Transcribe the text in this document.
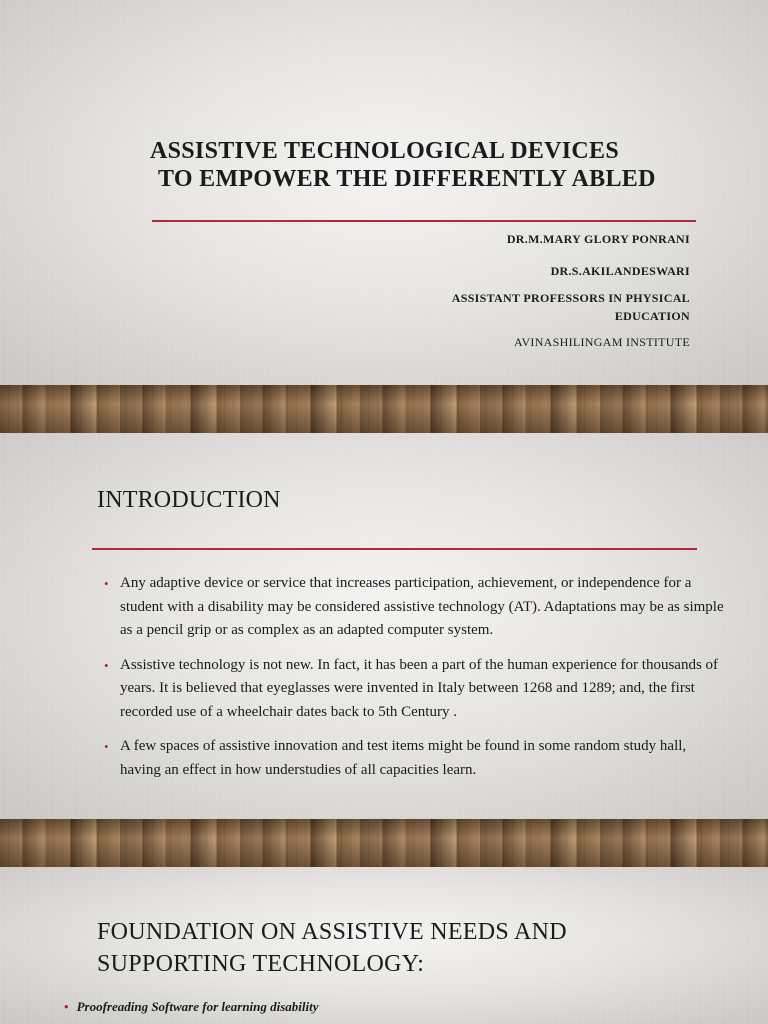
ASSISTIVE TECHNOLOGICAL DEVICES
TO EMPOWER THE DIFFERENTLY ABLED
DR.M.MARY GLORY PONRANI
DR.S.AKILANDESWARI
ASSISTANT PROFESSORS IN PHYSICAL
EDUCATION
AVINASHILINGAM INSTITUTE
INTRODUCTION
• Any adaptive device or service that increases participation, achievement, or independence for a student with a disability may be considered assistive technology (AT). Adaptations may be as simple as a pencil grip or as complex as an adapted computer system.
• Assistive technology is not new. In fact, it has been a part of the human experience for thousands of years. It is believed that eyeglasses were invented in Italy between 1268 and 1289; and, the first recorded use of a wheelchair dates back to 5th Century .
• A few spaces of assistive innovation and test items might be found in some random study hall, having an effect in how understudies of all capacities learn.
FOUNDATION ON ASSISTIVE NEEDS AND
SUPPORTING TECHNOLOGY:
• Proofreading Software for learning disability
